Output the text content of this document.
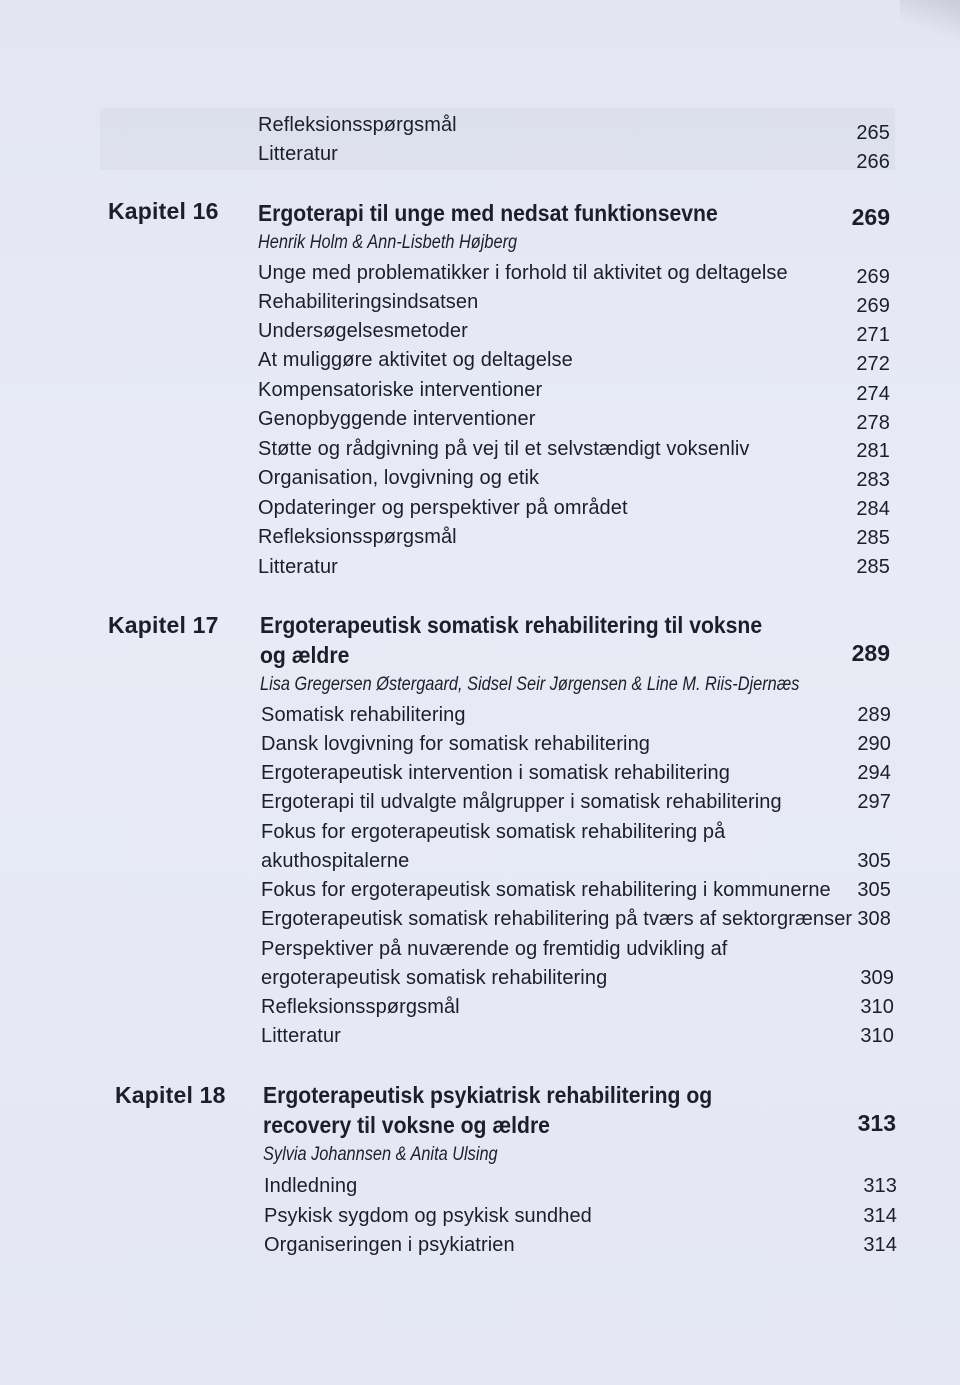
Refleksionsspørgsmål	265
Litteratur	266
Kapitel 16 Ergoterapi til unge med nedsat funktionsevne	269
Henrik Holm & Ann-Lisbeth Højberg
Unge med problematikker i forhold til aktivitet og deltagelse	269
Rehabiliteringsindsatsen	269
Undersøgelsesmetoder	271
At muliggøre aktivitet og deltagelse	272
Kompensatoriske interventioner	274
Genopbyggende interventioner	278
Støtte og rådgivning på vej til et selvstændigt voksenliv	281
Organisation, lovgivning og etik	283
Opdateringer og perspektiver på området	284
Refleksionsspørgsmål	285
Litteratur	285
Kapitel 17 Ergoterapeutisk somatisk rehabilitering til voksne
og ældre	289
Lisa Gregersen Østergaard, Sidsel Seir Jørgensen & Line M. Riis-Djernæs
Somatisk rehabilitering	289
Dansk lovgivning for somatisk rehabilitering	290
Ergoterapeutisk intervention i somatisk rehabilitering	294
Ergoterapi til udvalgte målgrupper i somatisk rehabilitering	297
Fokus for ergoterapeutisk somatisk rehabilitering på
akuthospitalerne	305
Fokus for ergoterapeutisk somatisk rehabilitering i kommunerne 305
Ergoterapeutisk somatisk rehabilitering på tværs af sektorgrænser 308
Perspektiver på nuværende og fremtidig udvikling af
ergoterapeutisk somatisk rehabilitering	309
Refleksionsspørgsmål	310
Litteratur	310
Kapitel 18 Ergoterapeutisk psykiatrisk rehabilitering og
recovery til voksne og ældre	313
Sylvia Johannsen & Anita Ulsing
Indledning	313
Psykisk sygdom og psykisk sundhed	314
Organiseringen i psykiatrien	314
